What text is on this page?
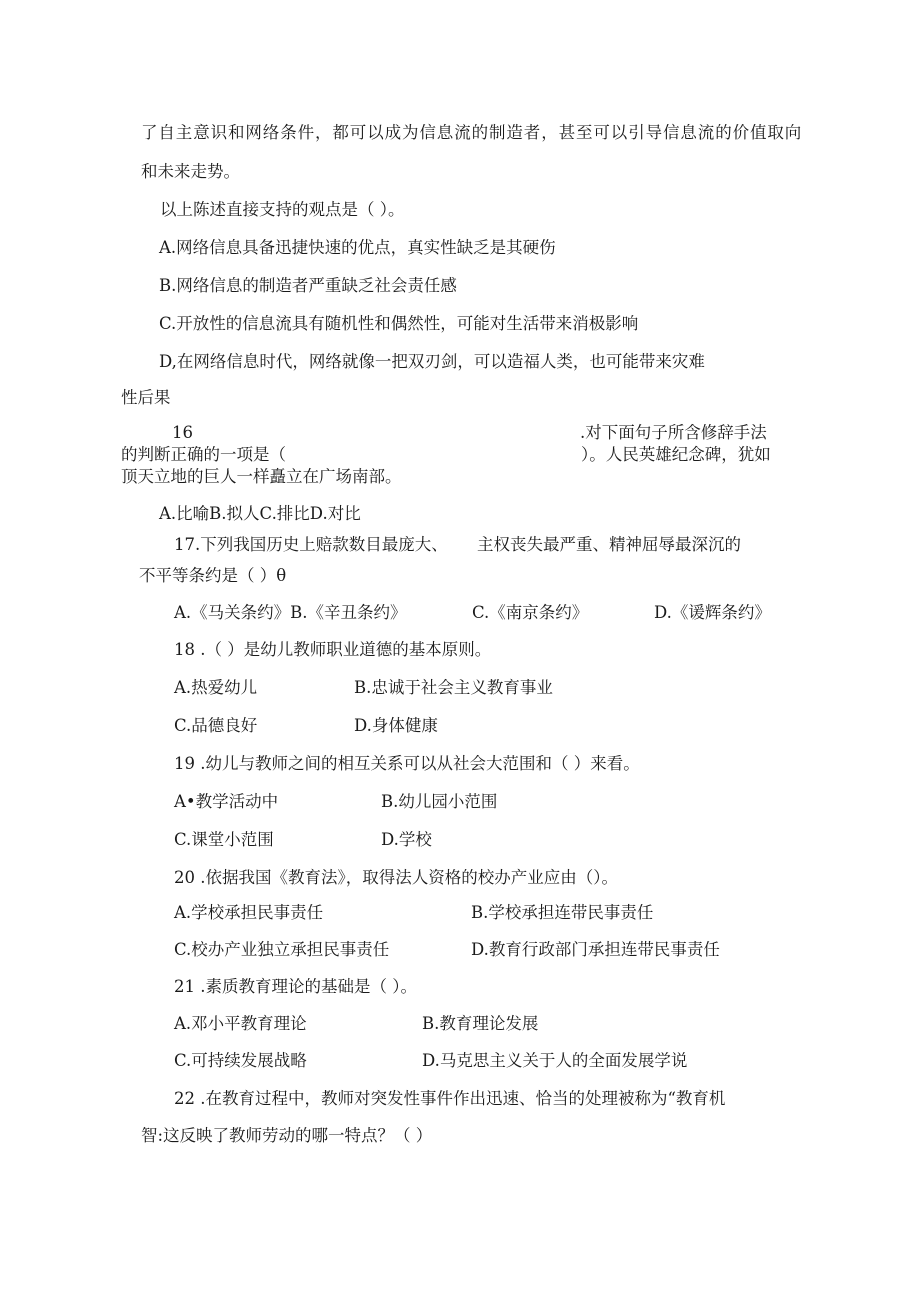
了自主意识和网络条件，都可以成为信息流的制造者，甚至可以引导信息流的价值取向
和未来走势。
以上陈述直接支持的观点是（ ）。
A.网络信息具备迅捷快速的优点，真实性缺乏是其硬伤
B.网络信息的制造者严重缺乏社会责任感
C.开放性的信息流具有随机性和偶然性，可能对生活带来消极影响
D,在网络信息时代，网络就像一把双刃剑，可以造福人类，也可能带来灾难
性后果
16	.对下面句子所含修辞手法
的判断正确的一项是（	）。人民英雄纪念碑，犹如
顶天立地的巨人一样矗立在广场南部。
A.比喻B.拟人C.排比D.对比
17.下列我国历史上赔款数目最庞大、 主权丧失最严重、精神屈辱最深沉的
不平等条约是（ ）θ
A.《马关条约》B.《辛丑条约》	C.《南京条约》	D.《谖辉条约》
18 .（ ）是幼儿教师职业道德的基本原则。
A.热爱幼儿	B.忠诚于社会主义教育事业
C.品德良好	D.身体健康
19 .幼儿与教师之间的相互关系可以从社会大范围和（ ）来看。
A•教学活动中	B.幼儿园小范围
C.课堂小范围	D.学校
20 .依据我国《教育法》，取得法人资格的校办产业应由（）。
A.学校承担民事责任	B.学校承担连带民事责任
C.校办产业独立承担民事责任	D.教育行政部门承担连带民事责任
21 .素质教育理论的基础是（ ）。
A.邓小平教育理论	B.教育理论发展
C.可持续发展战略	D.马克思主义关于人的全面发展学说
22 .在教育过程中，教师对突发性事件作出迅速、恰当的处理被称为“教育机
智:这反映了教师劳动的哪一特点？（ ）
